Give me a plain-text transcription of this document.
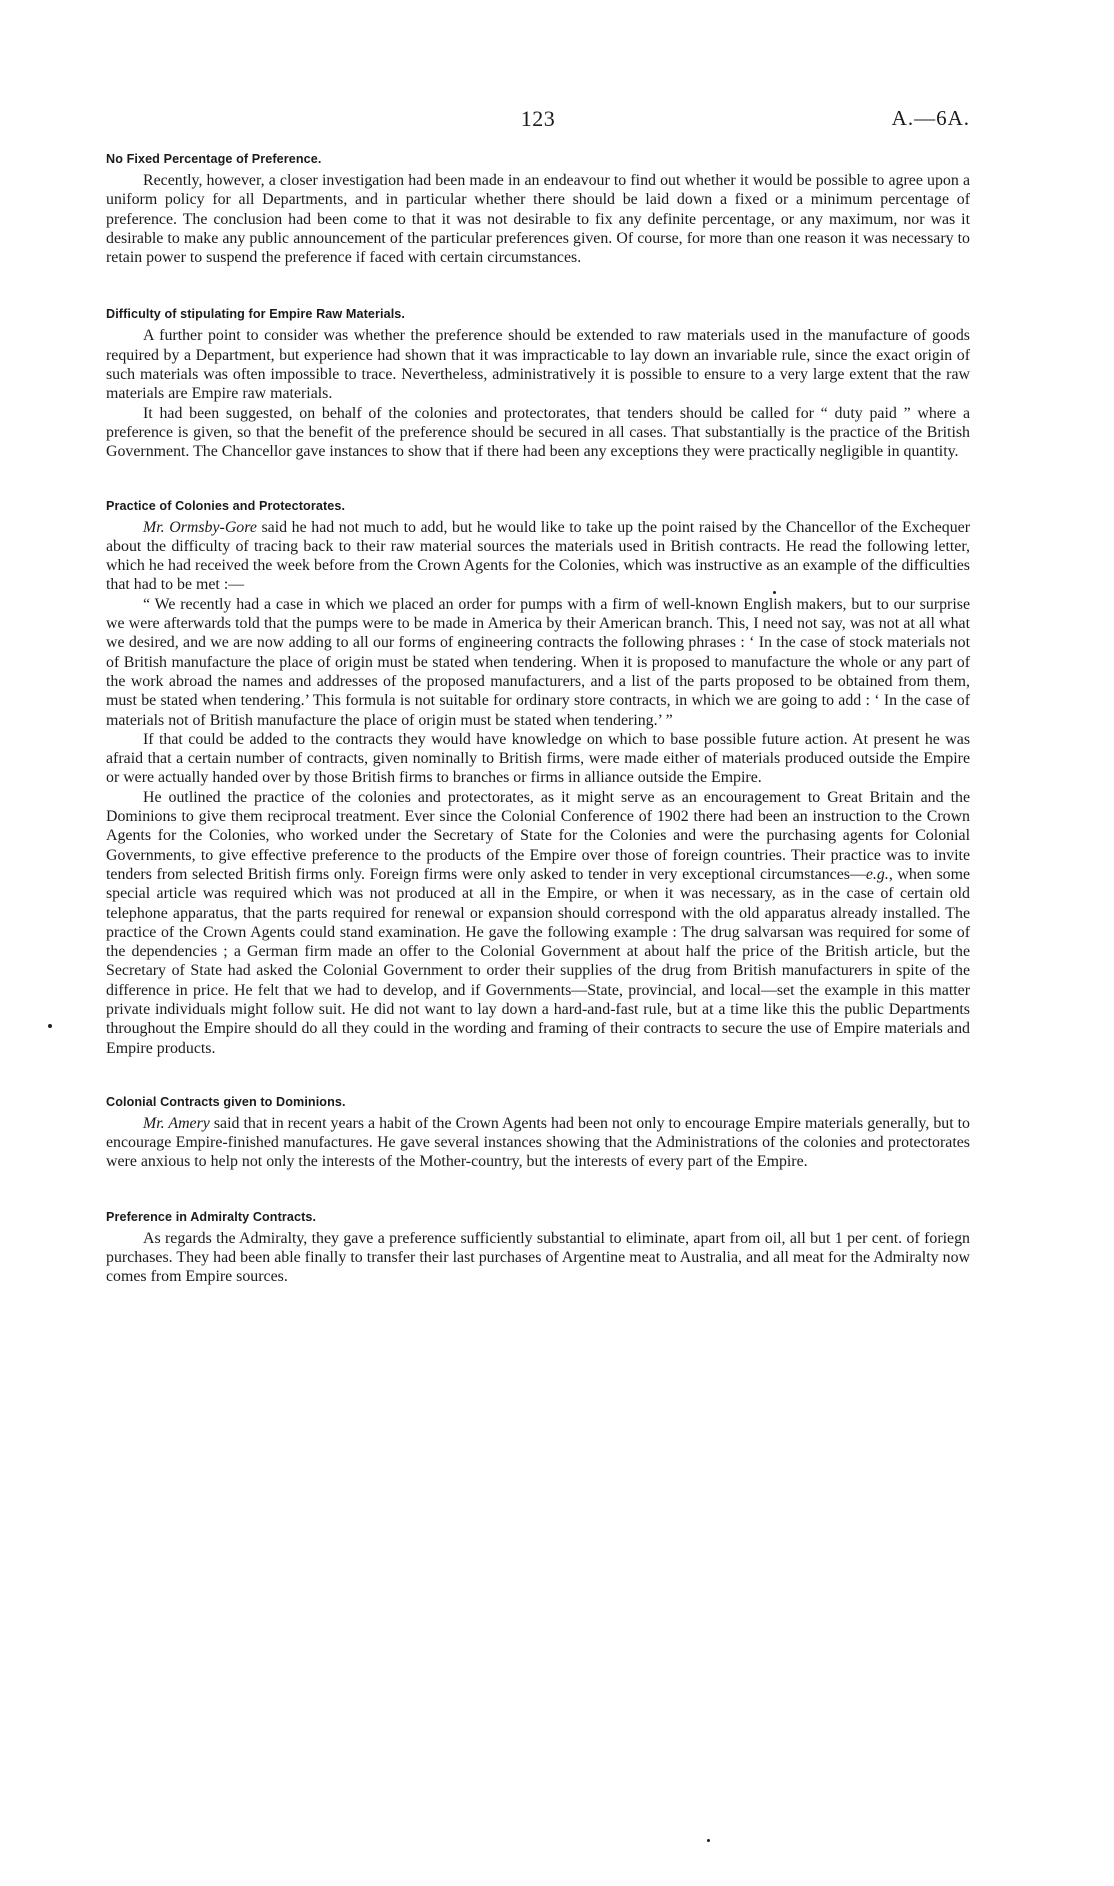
123	A.—6A.
No Fixed Percentage of Preference.

Recently, however, a closer investigation had been made in an endeavour to find out whether it would be possible to agree upon a uniform policy for all Departments, and in particular whether there should be laid down a fixed or a minimum percentage of preference. The conclusion had been come to that it was not desirable to fix any definite percentage, or any maximum, nor was it desirable to make any public announcement of the particular preferences given. Of course, for more than one reason it was necessary to retain power to suspend the preference if faced with certain circumstances.

Difficulty of stipulating for Empire Raw Materials.

A further point to consider was whether the preference should be extended to raw materials used in the manufacture of goods required by a Department, but experience had shown that it was impracticable to lay down an invariable rule, since the exact origin of such materials was often impossible to trace. Nevertheless, administratively it is possible to ensure to a very large extent that the raw materials are Empire raw materials.

It had been suggested, on behalf of the colonies and protectorates, that tenders should be called for “ duty paid ” where a preference is given, so that the benefit of the preference should be secured in all cases. That substantially is the practice of the British Government. The Chancellor gave instances to show that if there had been any exceptions they were practically negligible in quantity.

Practice of Colonies and Protectorates.

Mr. Ormsby-Gore said he had not much to add, but he would like to take up the point raised by the Chancellor of the Exchequer about the difficulty of tracing back to their raw material sources the materials used in British contracts. He read the following letter, which he had received the week before from the Crown Agents for the Colonies, which was instructive as an example of the difficulties that had to be met :—

“ We recently had a case in which we placed an order for pumps with a firm of well-known English makers, but to our surprise we were afterwards told that the pumps were to be made in America by their American branch. This, I need not say, was not at all what we desired, and we are now adding to all our forms of engineering contracts the following phrases : ‘ In the case of stock materials not of British manufacture the place of origin must be stated when tendering. When it is proposed to manufacture the whole or any part of the work abroad the names and addresses of the proposed manufacturers, and a list of the parts proposed to be obtained from them, must be stated when tendering.’ This formula is not suitable for ordinary store contracts, in which we are going to add : ‘ In the case of materials not of British manufacture the place of origin must be stated when tendering.’ ”

If that could be added to the contracts they would have knowledge on which to base possible future action. At present he was afraid that a certain number of contracts, given nominally to British firms, were made either of materials produced outside the Empire or were actually handed over by those British firms to branches or firms in alliance outside the Empire.

He outlined the practice of the colonies and protectorates, as it might serve as an encouragement to Great Britain and the Dominions to give them reciprocal treatment. Ever since the Colonial Conference of 1902 there had been an instruction to the Crown Agents for the Colonies, who worked under the Secretary of State for the Colonies and were the purchasing agents for Colonial Governments, to give effective preference to the products of the Empire over those of foreign countries. Their practice was to invite tenders from selected British firms only. Foreign firms were only asked to tender in very exceptional circumstances—e.g., when some special article was required which was not produced at all in the Empire, or when it was necessary, as in the case of certain old telephone apparatus, that the parts required for renewal or expansion should correspond with the old apparatus already installed. The practice of the Crown Agents could stand examination. He gave the following example : The drug salvarsan was required for some of the dependencies ; a German firm made an offer to the Colonial Government at about half the price of the British article, but the Secretary of State had asked the Colonial Government to order their supplies of the drug from British manufacturers in spite of the difference in price. He felt that we had to develop, and if Governments—State, provincial, and local—set the example in this matter private individuals might follow suit. He did not want to lay down a hard-and-fast rule, but at a time like this the public Departments throughout the Empire should do all they could in the wording and framing of their contracts to secure the use of Empire materials and Empire products.

Colonial Contracts given to Dominions.

Mr. Amery said that in recent years a habit of the Crown Agents had been not only to encourage Empire materials generally, but to encourage Empire-finished manufactures. He gave several instances showing that the Administrations of the colonies and protectorates were anxious to help not only the interests of the Mother-country, but the interests of every part of the Empire.

Preference in Admiralty Contracts.

As regards the Admiralty, they gave a preference sufficiently substantial to eliminate, apart from oil, all but 1 per cent. of foriegn purchases. They had been able finally to transfer their last purchases of Argentine meat to Australia, and all meat for the Admiralty now comes from Empire sources.
